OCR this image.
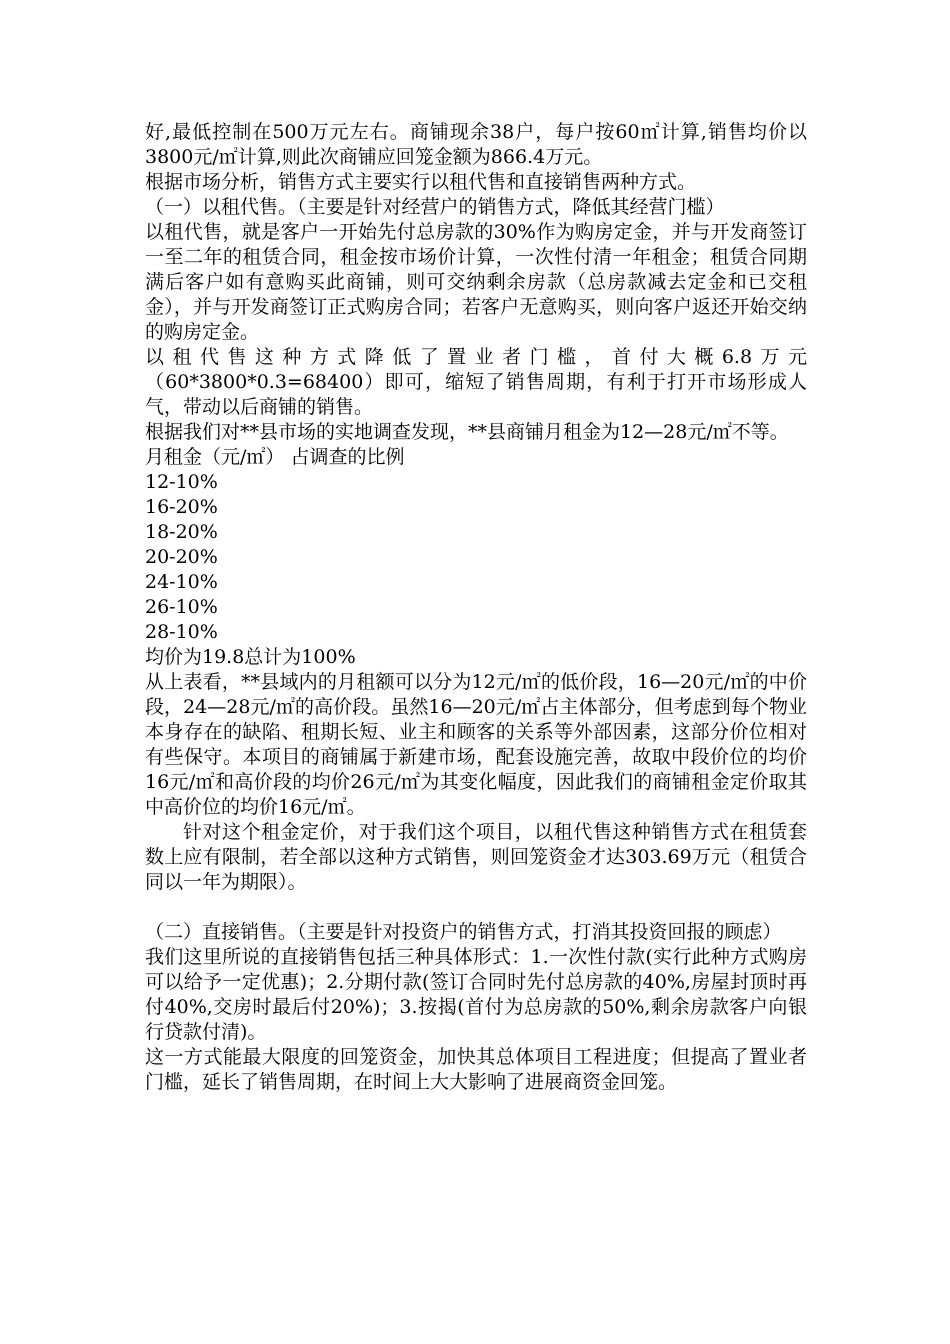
好,最低控制在500万元左右。商铺现余38户，每户按60㎡计算,销售均价以3800元/㎡计算,则此次商铺应回笼金额为866.4万元。

根据市场分析，销售方式主要实行以租代售和直接销售两种方式。

（一）以租代售。（主要是针对经营户的销售方式，降低其经营门槛）

以租代售，就是客户一开始先付总房款的30%作为购房定金，并与开发商签订一至二年的租赁合同，租金按市场价计算，一次性付清一年租金；租赁合同期满后客户如有意购买此商铺，则可交纳剩余房款（总房款减去定金和已交租金），并与开发商签订正式购房合同；若客户无意购买，则向客户返还开始交纳的购房定金。

以租代售这种方式降低了置业者门槛，首付大概6.8万元（60*3800*0.3=68400）即可，缩短了销售周期，有利于打开市场形成人气，带动以后商铺的销售。

根据我们对**县市场的实地调查发现，**县商铺月租金为12—28元/㎡不等。

月租金（元/㎡） 占调查的比例

12-10%

16-20%

18-20%

20-20%

24-10%

26-10%

28-10%

均价为19.8总计为100%

从上表看，**县域内的月租额可以分为12元/㎡的低价段，16—20元/㎡的中价段，24—28元/㎡的高价段。虽然16—20元/㎡占主体部分，但考虑到每个物业本身存在的缺陷、租期长短、业主和顾客的关系等外部因素，这部分价位相对有些保守。本项目的商铺属于新建市场，配套设施完善，故取中段价位的均价16元/㎡和高价段的均价26元/㎡为其变化幅度，因此我们的商铺租金定价取其中高价位的均价16元/㎡。

针对这个租金定价，对于我们这个项目，以租代售这种销售方式在租赁套数上应有限制，若全部以这种方式销售，则回笼资金才达303.69万元（租赁合同以一年为期限）。

（二）直接销售。（主要是针对投资户的销售方式，打消其投资回报的顾虑）

我们这里所说的直接销售包括三种具体形式：1.一次性付款(实行此种方式购房可以给予一定优惠)；2.分期付款(签订合同时先付总房款的40%,房屋封顶时再付40%,交房时最后付20%)；3.按揭(首付为总房款的50%,剩余房款客户向银行贷款付清)。

这一方式能最大限度的回笼资金，加快其总体项目工程进度；但提高了置业者门槛，延长了销售周期，在时间上大大影响了进展商资金回笼。
